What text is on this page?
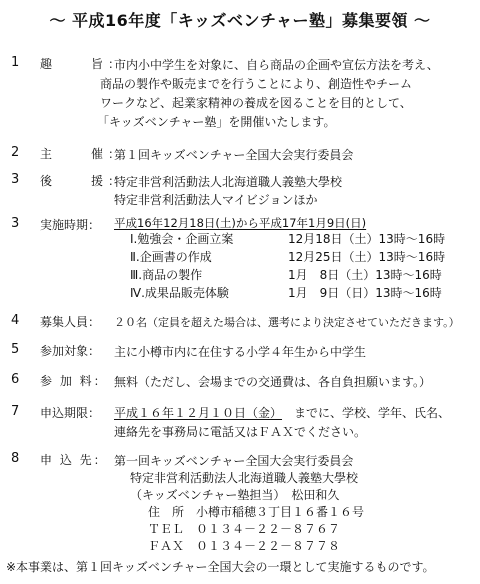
～ 平成16年度「キッズベンチャー塾」募集要領 ～
1 趣　　旨：
市内小中学生を対象に、自ら商品の企画や宣伝方法を考え、
商品の製作や販売までを行うことにより、創造性やチーム
ワークなど、起業家精神の養成を図ることを目的として、
「キッズベンチャー塾」を開催いたします。
2 主　　催：
第１回キッズベンチャー全国大会実行委員会
3 後　　援：
特定非営利活動法人北海道職人義塾大學校
特定非営利活動法人マイビジョンほか
3 実施時期： 平成16年12月18日(土)から平成17年1月9日(日)
Ⅰ.勉強会・企画立案	12月18日（土）13時～16時
Ⅱ.企画書の作成	12月25日（土）13時～16時
Ⅲ.商品の製作	1月　8日（土）13時～16時
Ⅳ.成果品販売体験	1月　9日（日）13時～16時
4 募集人員： ２０名（定員を超えた場合は、選考により決定させていただきます。）
5 参加対象： 主に小樽市内に在住する小学４年生から中学生
6 参 加 料： 無料（ただし、会場までの交通費は、各自負担願います。）
7 申込期限： 平成１６年１２月１０日（金） までに、学校、学年、氏名、
連絡先を事務局に電話又はＦＡＸでください。
8 申 込 先： 第一回キッズベンチャー全国大会実行委員会
特定非営利活動法人北海道職人義塾大學校
（キッズベンチャー塾担当）　松田和久
住　所　小樽市稲穂３丁目１６番１６号
ＴＥＬ　０１３４－２２－８７６７
ＦＡＸ　０１３４－２２－８７７８
※本事業は、第１回キッズベンチャー全国大会の一環として実施するものです。
